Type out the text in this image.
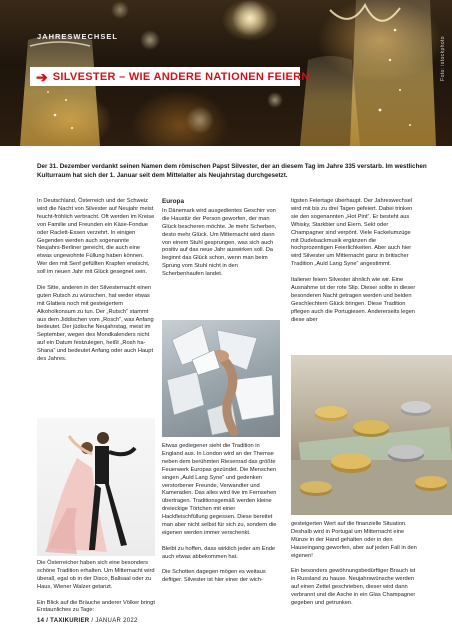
JAHRESWECHSEL	Foto: istockphoto
➔ SILVESTER – WIE ANDERE NATIONEN FEIERN
Der 31. Dezember verdankt seinen Namen dem römischen Papst Silvester, der an diesem Tag im Jahre 335 verstarb. Im westlichen Kulturraum hat sich der 1. Januar seit dem Mittelalter als Neujahrstag durchgesetzt.

In Deutschland, Österreich und der Schweiz wird die Nacht von Silvester auf Neujahr meist feucht-fröhlich verbracht. Oft werden im Kreise von Familie und Freunden ein Käse-Fondue oder Raclett-Essen verzehrt. In einigen Gegenden werden auch sogenannte Neujahrs-Berliner gereicht, die auch eine etwas ungewohnte Füllung haben können. Wer den mit Senf gefüllten Krapfen erwischt, soll im neuen Jahr mit Glück gesegnet sein.

Die Sitte, anderen in der Silvesternacht einen guten Rutsch zu wünschen, hat weder etwas mit Glatteis noch mit gesteigertem Alkoholkonsum zu tun. Der „Rutsch“ stammt aus dem Jiddischen vom „Rosch“, was Anfang bedeutet. Der jüdische Neujahrstag, meist im September, wegen des Mondkalenders nicht auf ein Datum festzulegen, heißt „Rosh ha-Shana“ und bedeutet Anfang oder auch Haupt des Jahres.

Europa

In Dänemark wird ausgedientes Geschirr von die Haustür der Person geworfen, der man Glück bescheren möchte. Je mehr Scherben, desto mehr Glück. Um Mitternacht wird dann von einem Stuhl gesprungen, was sich auch positiv auf das neue Jahr auswirken soll. Da beginnt das Glück schon, wenn man beim Sprung vom Stuhl nicht in den Scherbenhaufen landet.

tigsten Feiertage überhaupt. Der Jahreswechsel wird mit bis zu drei Tagen gefeiert. Dabei trinken sie den sogenannten „Hot Pint“. Er besteht aus Whisky, Starkbier und Eiern. Sekt oder Champagner sind verpönt. Viele Fackelumzüge mit Dudelsackmusik ergänzen die hochprozentigen Feierlichkeiten. Aber auch hier wird Silvester um Mitternacht ganz in britischer Tradition „Auld Lang Syne“ angestimmt.

Italiener feiern Silvester ähnlich wie wir. Eine Ausnahme ist der rote Slip. Dieser sollte in dieser besonderen Nacht getragen werden und beiden Geschlechtern Glück bringen. Diese Tradition pflegen auch die Portugiesen. Andererseits legen diese aber

Die Österreicher haben sich eine besonders schöne Tradition erhalten. Um Mitternacht wird überall, egal ob in der Disco, Ballsaal oder zu Haus, Wiener Walzer getanzt.

Ein Blick auf die Bräuche anderer Völker bringt Erstaunliches zu Tage:

Etwas gediegener sieht die Tradition in England aus. In London wird an der Themse neben dem berühmten Riesenrad das größte Feuerwerk Europas gezündet. Die Menschen singen „Auld Lang Syne“ und gedenken verstorbener Freunde, Verwandter und Kameraden. Das alles wird live im Fernsehen übertragen. Traditionsgemäß werden kleine dreieckige Törtchen mit einer Hackfleischfüllung gegessen. Diese bereitet man aber nicht selbst für sich zu, sondern die eigenen werden immer verschenkt.

Bleibt zu hoffen, dass wirklich jeder am Ende auch etwas abbekommen hat.

Die Schotten dagegen mögen es weitaus deftiger. Silvester ist hier einer der wich-

gesteigerten Wert auf die finanzielle Situation. Deshalb wird in Portugal um Mitternacht eine Münze in der Hand gehalten oder in den Hauseingang geworfen, aber auf jeden Fall in den eigenen!

Ein besonders gewöhnungsbedürftiger Brauch ist in Russland zu hause. Neujahrswünsche werden auf einen Zettel geschrieben, dieser wird dann verbrannt und die Asche in ein Glas Champagner gegeben und getrunken.

14 / TAXIKURIER / JANUAR 2022
